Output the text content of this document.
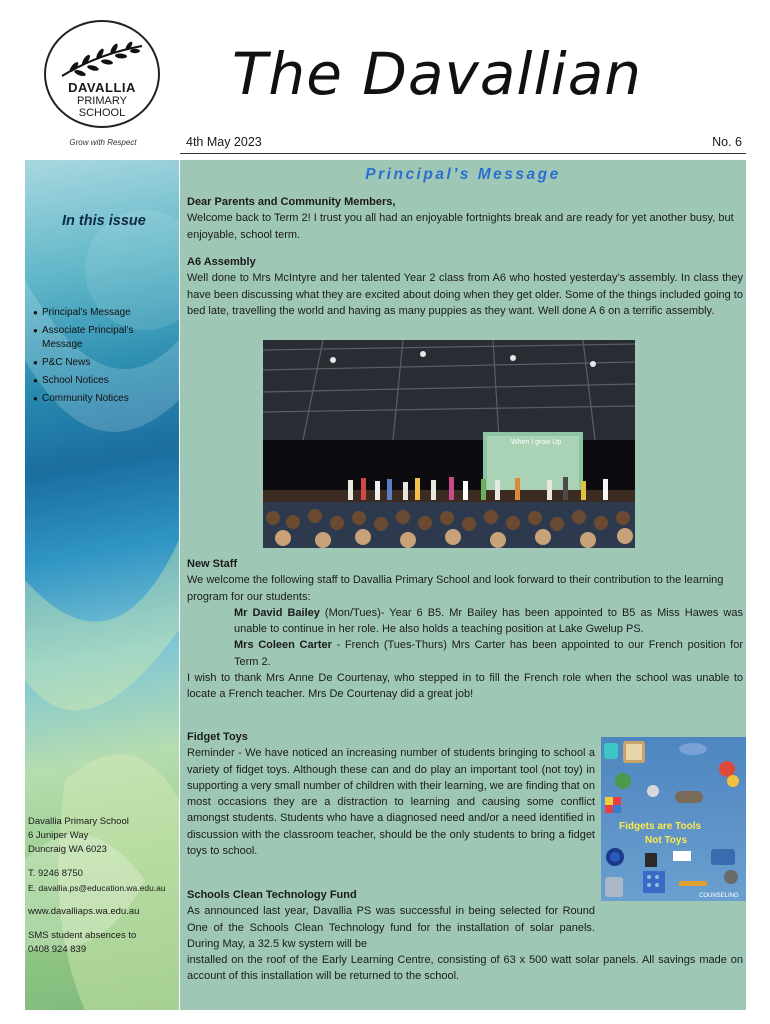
DAVALLIA
PRIMARY
SCHOOL
Grow with Respect
The Davallian
4th May 2023	No. 6
In this issue
● Principal’s Message
● Associate Principal’s Message
● P&C News
● School Notices
● Community Notices
Davallia Primary School
6 Juniper Way
Duncraig WA 6023
T. 9246 8750
E. davallia.ps@education.wa.edu.au
www.davalliaps.wa.edu.au
SMS student absences to
0408 924 839
Principal’s Message
Dear Parents and Community Members,
Welcome back to Term 2! I trust you all had an enjoyable fortnights break and are ready for yet another busy, but enjoyable, school term.
A6 Assembly
Well done to Mrs McIntyre and her talented Year 2 class from A6 who hosted yesterday’s assembly. In class they have been discussing what they are excited about doing when they get older. Some of the things included going to bed late, travelling the world and having as many puppies as they want. Well done A 6 on a terrific assembly.
When I grow Up
New Staff
We welcome the following staff to Davallia Primary School and look forward to their contribution to the learning program for our students:
Mr David Bailey (Mon/Tues)- Year 6 B5. Mr Bailey has been appointed to B5 as Miss Hawes was unable to continue in her role. He also holds a teaching position at Lake Gwelup PS.
Mrs Coleen Carter - French (Tues-Thurs) Mrs Carter has been appointed to our French position for Term 2.
I wish to thank Mrs Anne De Courtenay, who stepped in to fill the French role when the school was unable to locate a French teacher. Mrs De Courtenay did a great job!
Fidget Toys
Reminder - We have noticed an increasing number of students bringing to school a variety of fidget toys. Although these can and do play an important tool (not toy) in supporting a very small number of children with their learning, we are finding that on most occasions they are a distraction to learning and causing some conflict amongst students. Students who have a diagnosed need and/or a need identified in discussion with the classroom teacher, should be the only students to bring a fidget toys to school.
Fidgets are Tools
Not Toys
COUNSELING
Schools Clean Technology Fund
As announced last year, Davallia PS was successful in being selected for Round One of the Schools Clean Technology fund for the installation of solar panels. During May, a 32.5 kw system will be
installed on the roof of the Early Learning Centre, consisting of 63 x 500 watt solar panels. All savings made on account of this installation will be returned to the school.
